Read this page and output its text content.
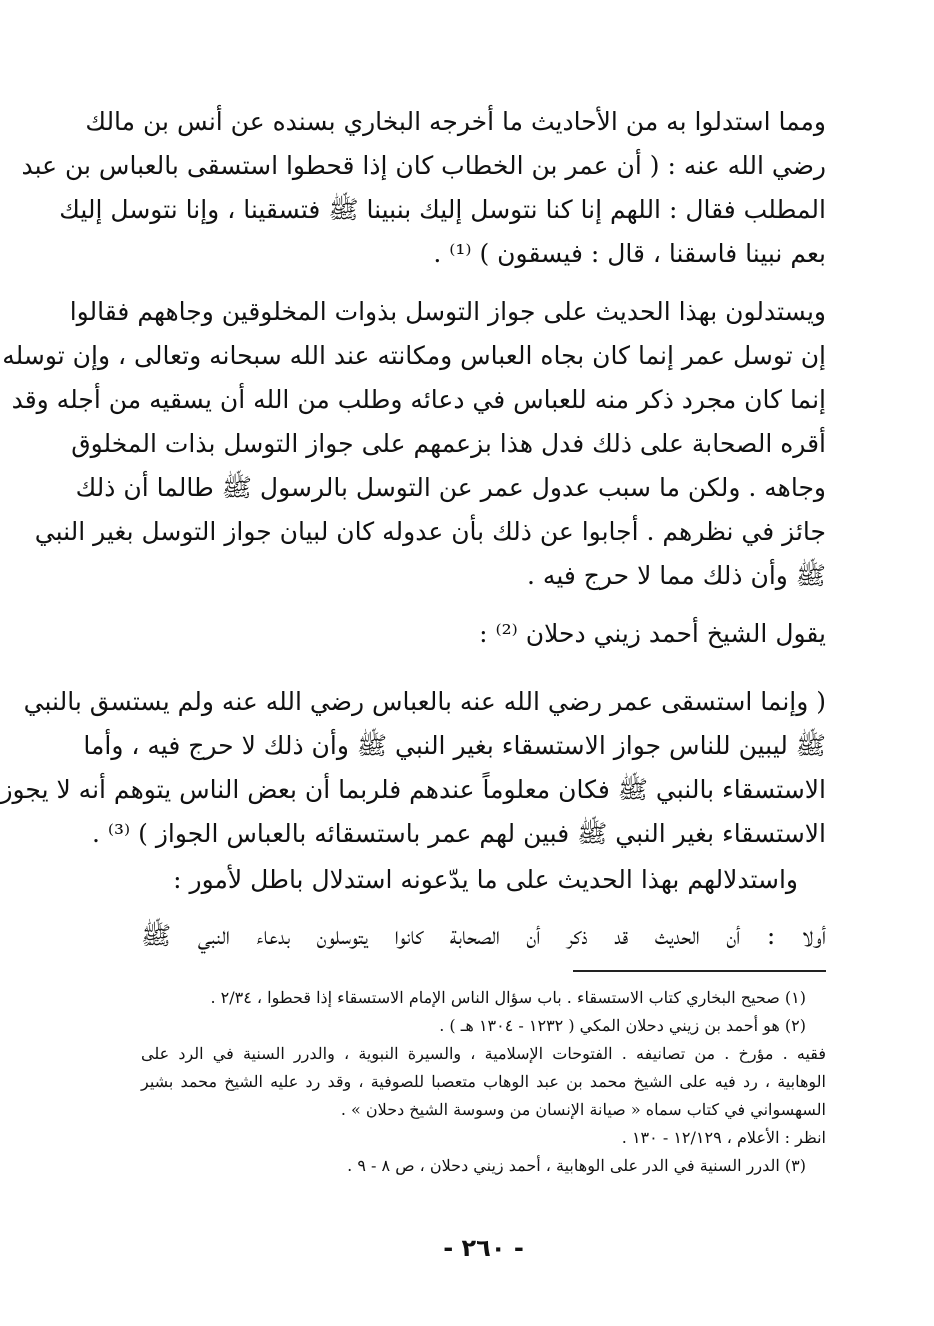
ومما استدلوا به من الأحاديث ما أخرجه البخاري بسنده عن أنس بن مالك
رضي الله عنه : ( أن عمر بن الخطاب كان إذا قحطوا استسقى بالعباس بن عبد
المطلب فقال : اللهم إنا كنا نتوسل إليك بنبينا ﷺ فتسقينا ، وإنا نتوسل إليك
بعم نبينا فاسقنا ، قال : فيسقون ) ⁽¹⁾ .
ويستدلون بهذا الحديث على جواز التوسل بذوات المخلوقين وجاههم فقالوا
إن توسل عمر إنما كان بجاه العباس ومكانته عند الله سبحانه وتعالى ، وإن توسله
إنما كان مجرد ذكر منه للعباس في دعائه وطلب من الله أن يسقيه من أجله وقد
أقره الصحابة على ذلك فدل هذا بزعمهم على جواز التوسل بذات المخلوق
وجاهه . ولكن ما سبب عدول عمر عن التوسل بالرسول ﷺ طالما أن ذلك
جائز في نظرهم . أجابوا عن ذلك بأن عدوله كان لبيان جواز التوسل بغير النبي
ﷺ وأن ذلك مما لا حرج فيه .
يقول الشيخ أحمد زيني دحلان ⁽²⁾ :
( وإنما استسقى عمر رضي الله عنه بالعباس رضي الله عنه ولم يستسق بالنبي
ﷺ ليبين للناس جواز الاستسقاء بغير النبي ﷺ وأن ذلك لا حرج فيه ، وأما
الاستسقاء بالنبي ﷺ فكان معلوماً عندهم فلربما أن بعض الناس يتوهم أنه لا يجوز
الاستسقاء بغير النبي ﷺ فبين لهم عمر باستسقائه بالعباس الجواز ) ⁽³⁾ .
واستدلالهم بهذا الحديث على ما يدّعونه استدلال باطل لأمور :
أولا : أن الحديث قد ذكر أن الصحابة كانوا يتوسلون بدعاء النبي ﷺ
(١) صحيح البخاري كتاب الاستسقاء . باب سؤال الناس الإمام الاستسقاء إذا قحطوا ، ٢/٣٤ .
(٢) هو أحمد بن زيني دحلان المكي ( ١٢٣٢ - ١٣٠٤ هـ ) .
فقيه . مؤرخ . من تصانيفه . الفتوحات الإسلامية ، والسيرة النبوية ، والدرر السنية في الرد على
الوهابية ، رد فيه على الشيخ محمد بن عبد الوهاب متعصبا للصوفية ، وقد رد عليه الشيخ محمد بشير
السهسواني في كتاب سماه « صيانة الإنسان من وسوسة الشيخ دحلان » .
انظر : الأعلام ، ١٢/١٢٩ - ١٣٠ .
(٣) الدرر السنية في الدر على الوهابية ، أحمد زيني دحلان ، ص ٨ - ٩ .
- ٢٦٠ -
